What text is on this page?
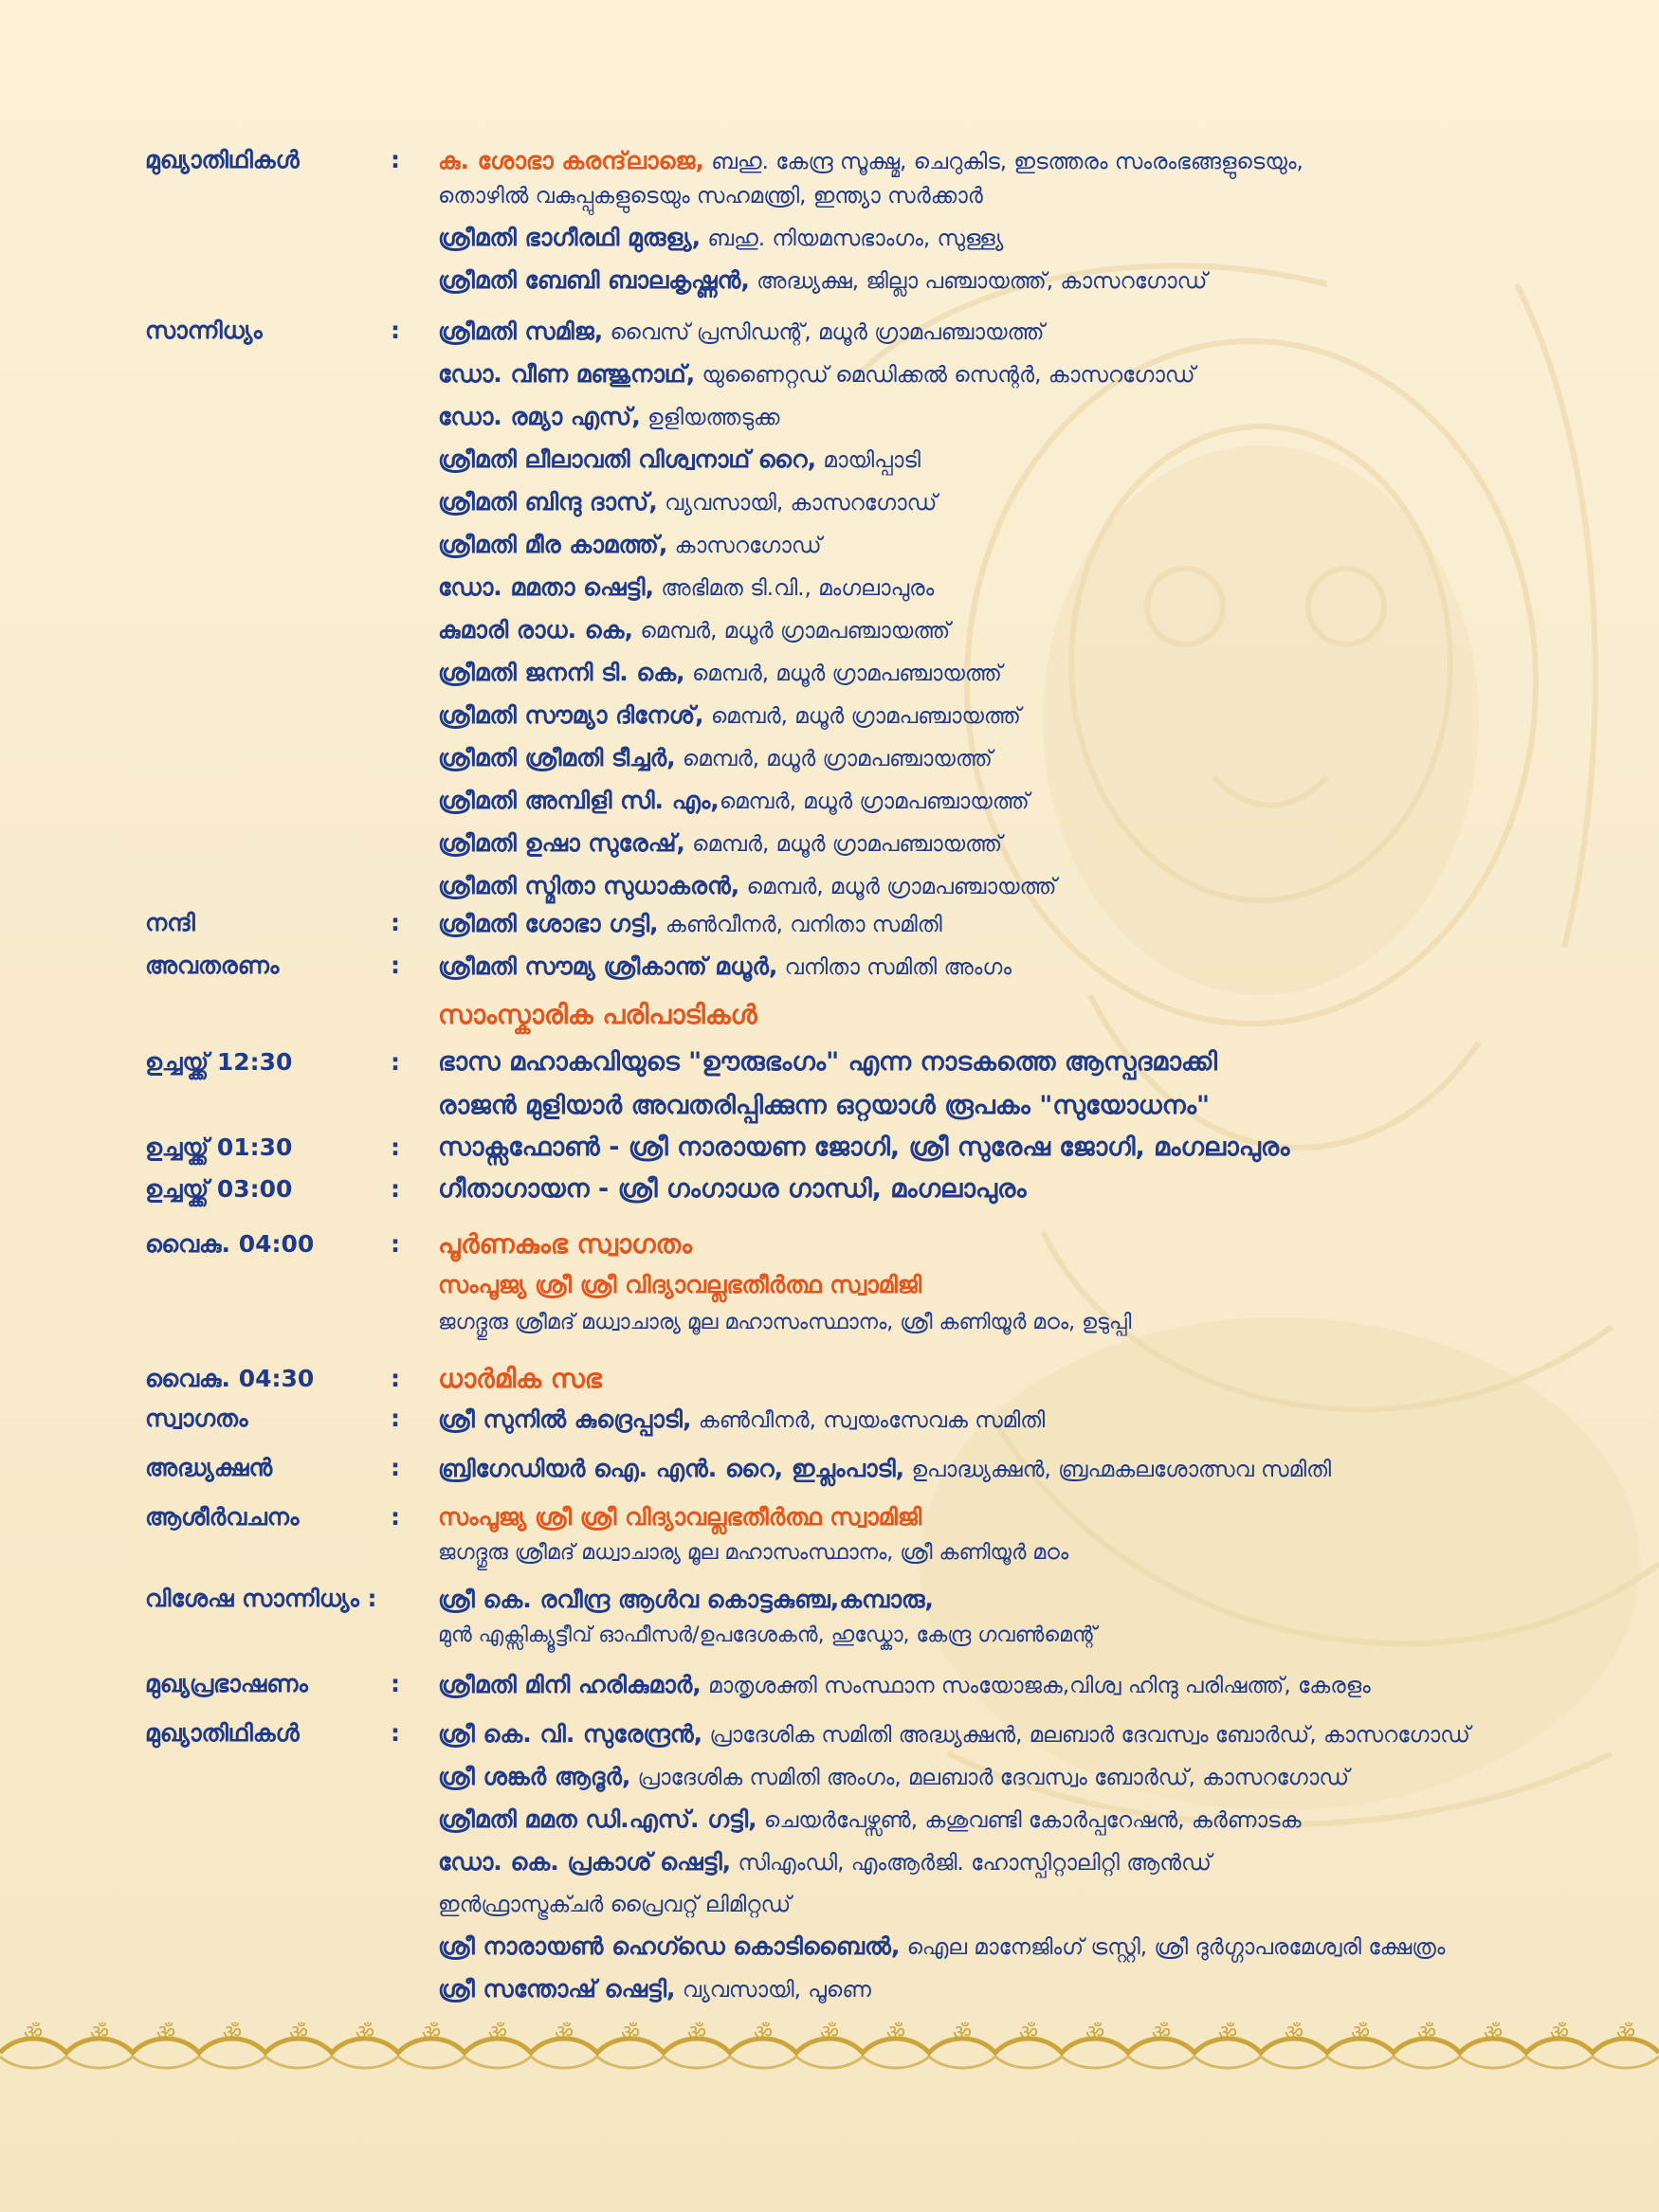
മുഖ്യാതിഥികൾ	: കു. ശോഭാ കരന്ദ്‌ലാജെ, ബഹു. കേന്ദ്ര സൂക്ഷ്മ, ചെറുകിട, ഇടത്തരം സംരംഭങ്ങളുടെയും,
തൊഴിൽ വകുപ്പുകളുടെയും സഹമന്ത്രി, ഇന്ത്യാ സർക്കാർ
ശ്രീമതി ഭാഗീരഥി മുരുള്യ, ബഹു. നിയമസഭാംഗം, സുള്ള്യ
ശ്രീമതി ബേബി ബാലകൃഷ്ണൻ, അദ്ധ്യക്ഷ, ജില്ലാ പഞ്ചായത്ത്, കാസറഗോഡ്
സാന്നിധ്യം	: ശ്രീമതി സമിജ, വൈസ് പ്രസിഡന്റ്, മധൂർ ഗ്രാമപഞ്ചായത്ത്
ഡോ. വീണ മഞ്ജുനാഥ്, യുണൈറ്റഡ് മെഡിക്കൽ സെന്റർ, കാസറഗോഡ്
ഡോ. രമ്യാ എസ്, ഉളിയത്തടുക്ക
ശ്രീമതി ലീലാവതി വിശ്വനാഥ് റൈ, മായിപ്പാടി
ശ്രീമതി ബിന്ദു ദാസ്, വ്യവസായി, കാസറഗോഡ്
ശ്രീമതി മീര കാമത്ത്, കാസറഗോഡ്
ഡോ. മമതാ ഷെട്ടി, അഭിമത ടി.വി., മംഗലാപുരം
കുമാരി രാധ. കെ, മെമ്പർ, മധൂർ ഗ്രാമപഞ്ചായത്ത്
ശ്രീമതി ജനനി ടി. കെ, മെമ്പർ, മധൂർ ഗ്രാമപഞ്ചായത്ത്
ശ്രീമതി സൗമ്യാ ദിനേശ്, മെമ്പർ, മധൂർ ഗ്രാമപഞ്ചായത്ത്
ശ്രീമതി ശ്രീമതി ടീച്ചർ, മെമ്പർ, മധൂർ ഗ്രാമപഞ്ചായത്ത്
ശ്രീമതി അമ്പിളി സി. എം,മെമ്പർ, മധൂർ ഗ്രാമപഞ്ചായത്ത്
ശ്രീമതി ഉഷാ സുരേഷ്, മെമ്പർ, മധൂർ ഗ്രാമപഞ്ചായത്ത്
ശ്രീമതി സ്മിതാ സുധാകരൻ, മെമ്പർ, മധൂർ ഗ്രാമപഞ്ചായത്ത്
നന്ദി	: ശ്രീമതി ശോഭാ ഗട്ടി, കൺവീനർ, വനിതാ സമിതി
അവതരണം	: ശ്രീമതി സൗമ്യ ശ്രീകാന്ത് മധൂർ, വനിതാ സമിതി അംഗം
സാംസ്കാരിക പരിപാടികൾ
ഉച്ചയ്ക്ക് 12:30	: ഭാസ മഹാകവിയുടെ "ഊരുഭംഗം" എന്ന നാടകത്തെ ആസ്പദമാക്കി
രാജൻ മുളിയാർ അവതരിപ്പിക്കുന്ന ഒറ്റയാൾ രൂപകം "സുയോധനം"
ഉച്ചയ്ക്ക് 01:30	: സാക്സഫോൺ - ശ്രീ നാരായണ ജോഗി, ശ്രീ സുരേഷ ജോഗി, മംഗലാപുരം
ഉച്ചയ്ക്ക് 03:00	: ഗീതാഗായന - ശ്രീ ഗംഗാധര ഗാന്ധി, മംഗലാപുരം
വൈകു. 04:00	: പൂർണകുംഭ സ്വാഗതം
സംപൂജ്യ ശ്രീ ശ്രീ വിദ്യാവല്ലഭതീർത്ഥ സ്വാമിജി
ജഗദ്ഗുരു ശ്രീമദ് മധ്വാചാര്യ മൂല മഹാസംസ്ഥാനം, ശ്രീ കണിയൂർ മഠം, ഉടുപ്പി
വൈകു. 04:30	: ധാർമിക സഭ
സ്വാഗതം	: ശ്രീ സുനിൽ കുദ്രെപ്പാടി, കൺവീനർ, സ്വയംസേവക സമിതി
അദ്ധ്യക്ഷൻ	: ബ്രിഗേഡിയർ ഐ. എൻ. റൈ, ഇച്ലംപാടി, ഉപാദ്ധ്യക്ഷൻ, ബ്രഹ്മകലശോത്സവ സമിതി
ആശീർവചനം	: സംപൂജ്യ ശ്രീ ശ്രീ വിദ്യാവല്ലഭതീർത്ഥ സ്വാമിജി
ജഗദ്ഗുരു ശ്രീമദ് മധ്വാചാര്യ മൂല മഹാസംസ്ഥാനം, ശ്രീ കണിയൂർ മഠം
വിശേഷ സാന്നിധ്യം :	ശ്രീ കെ. രവീന്ദ്ര ആൾവ കൊട്ടകുഞ്ച,കമ്പാരു,
മുൻ എക്സിക്യൂട്ടീവ് ഓഫീസർ/ഉപദേശകൻ, ഹുഡ്കോ, കേന്ദ്ര ഗവൺമെന്റ്
മുഖ്യപ്രഭാഷണം	: ശ്രീമതി മിനി ഹരികുമാർ, മാതൃശക്തി സംസ്ഥാന സംയോജക,വിശ്വ ഹിന്ദു പരിഷത്ത്, കേരളം
മുഖ്യാതിഥികൾ	: ശ്രീ കെ. വി. സുരേന്ദ്രൻ, പ്രാദേശിക സമിതി അദ്ധ്യക്ഷൻ, മലബാർ ദേവസ്വം ബോർഡ്, കാസറഗോഡ്
ശ്രീ ശങ്കർ ആദൂർ, പ്രാദേശിക സമിതി അംഗം, മലബാർ ദേവസ്വം ബോർഡ്, കാസറഗോഡ്
ശ്രീമതി മമത ഡി.എസ്. ഗട്ടി, ചെയർപേഴ്സൺ, കശുവണ്ടി കോർപ്പറേഷൻ, കർണാടക
ഡോ. കെ. പ്രകാശ് ഷെട്ടി, സിഎംഡി, എംആർജി. ഹോസ്പിറ്റാലിറ്റി ആൻഡ്
ഇൻഫ്രാസ്ട്രക്ചർ പ്രൈവറ്റ് ലിമിറ്റഡ്
ശ്രീ നാരായൺ ഹെഗ്ഡെ കൊടിബൈൽ, ഐല മാനേജിംഗ് ട്രസ്റ്റി, ശ്രീ ദുർഗ്ഗാപരമേശ്വരി ക്ഷേത്രം
ശ്രീ സന്തോഷ് ഷെട്ടി, വ്യവസായി, പൂണെ
ॐ ॐ ॐ ॐ ॐ ॐ ॐ ॐ ॐ ॐ ॐ ॐ ॐ ॐ ॐ ॐ ॐ ॐ ॐ ॐ ॐ ॐ ॐ ॐ ॐ
